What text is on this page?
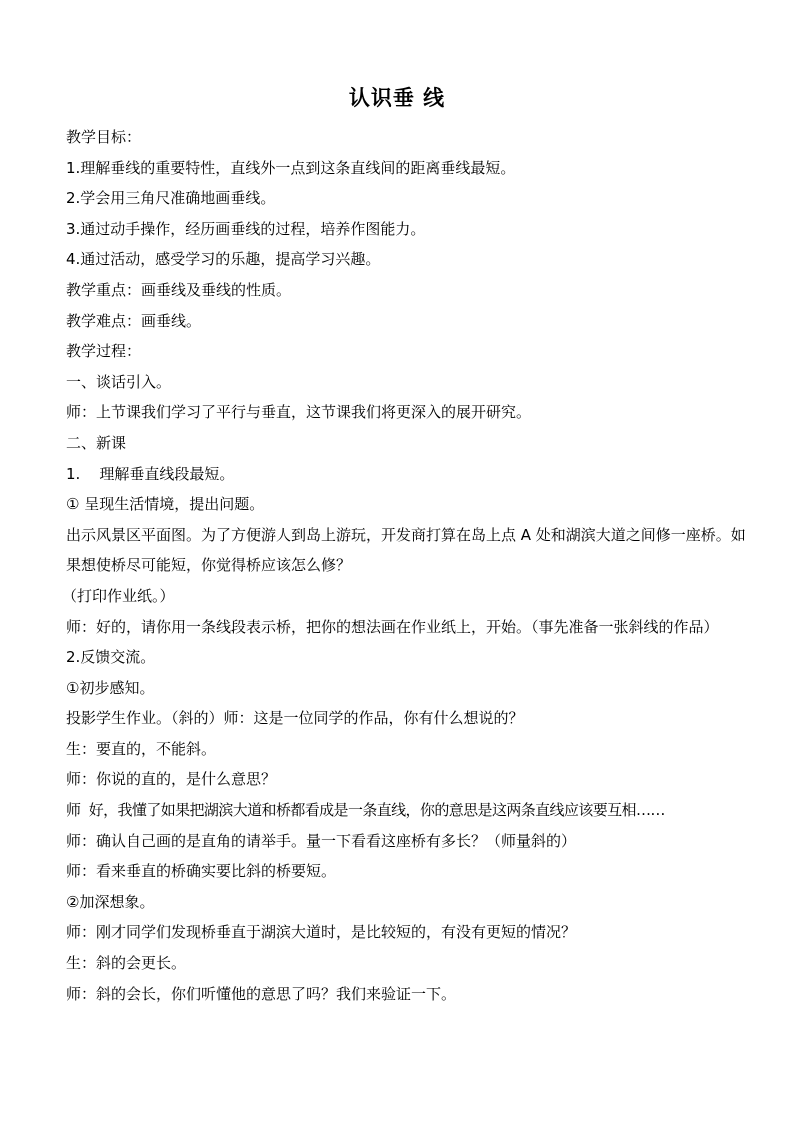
认识垂 线

教学目标：

1.理解垂线的重要特性，直线外一点到这条直线间的距离垂线最短。

2.学会用三角尺准确地画垂线。

3.通过动手操作，经历画垂线的过程，培养作图能力。

4.通过活动，感受学习的乐趣，提高学习兴趣。

教学重点：画垂线及垂线的性质。

教学难点：画垂线。

教学过程：

一、谈话引入。

师：上节课我们学习了平行与垂直，这节课我们将更深入的展开研究。

二、新课

1.    理解垂直线段最短。

① 呈现生活情境，提出问题。

出示风景区平面图。为了方便游人到岛上游玩，开发商打算在岛上点 A 处和湖滨大道之间修一座桥。如果想使桥尽可能短，你觉得桥应该怎么修？

（打印作业纸。）

师：好的，请你用一条线段表示桥，把你的想法画在作业纸上，开始。（事先准备一张斜线的作品）

2.反馈交流。

①初步感知。

投影学生作业。（斜的）师：这是一位同学的作品，你有什么想说的？

生：要直的，不能斜。

师：你说的直的，是什么意思？

师  好，我懂了如果把湖滨大道和桥都看成是一条直线，你的意思是这两条直线应该要互相……

师：确认自己画的是直角的请举手。量一下看看这座桥有多长？（师量斜的）

师：看来垂直的桥确实要比斜的桥要短。

②加深想象。

师：刚才同学们发现桥垂直于湖滨大道时，是比较短的，有没有更短的情况？

生：斜的会更长。

师：斜的会长，你们听懂他的意思了吗？我们来验证一下。
